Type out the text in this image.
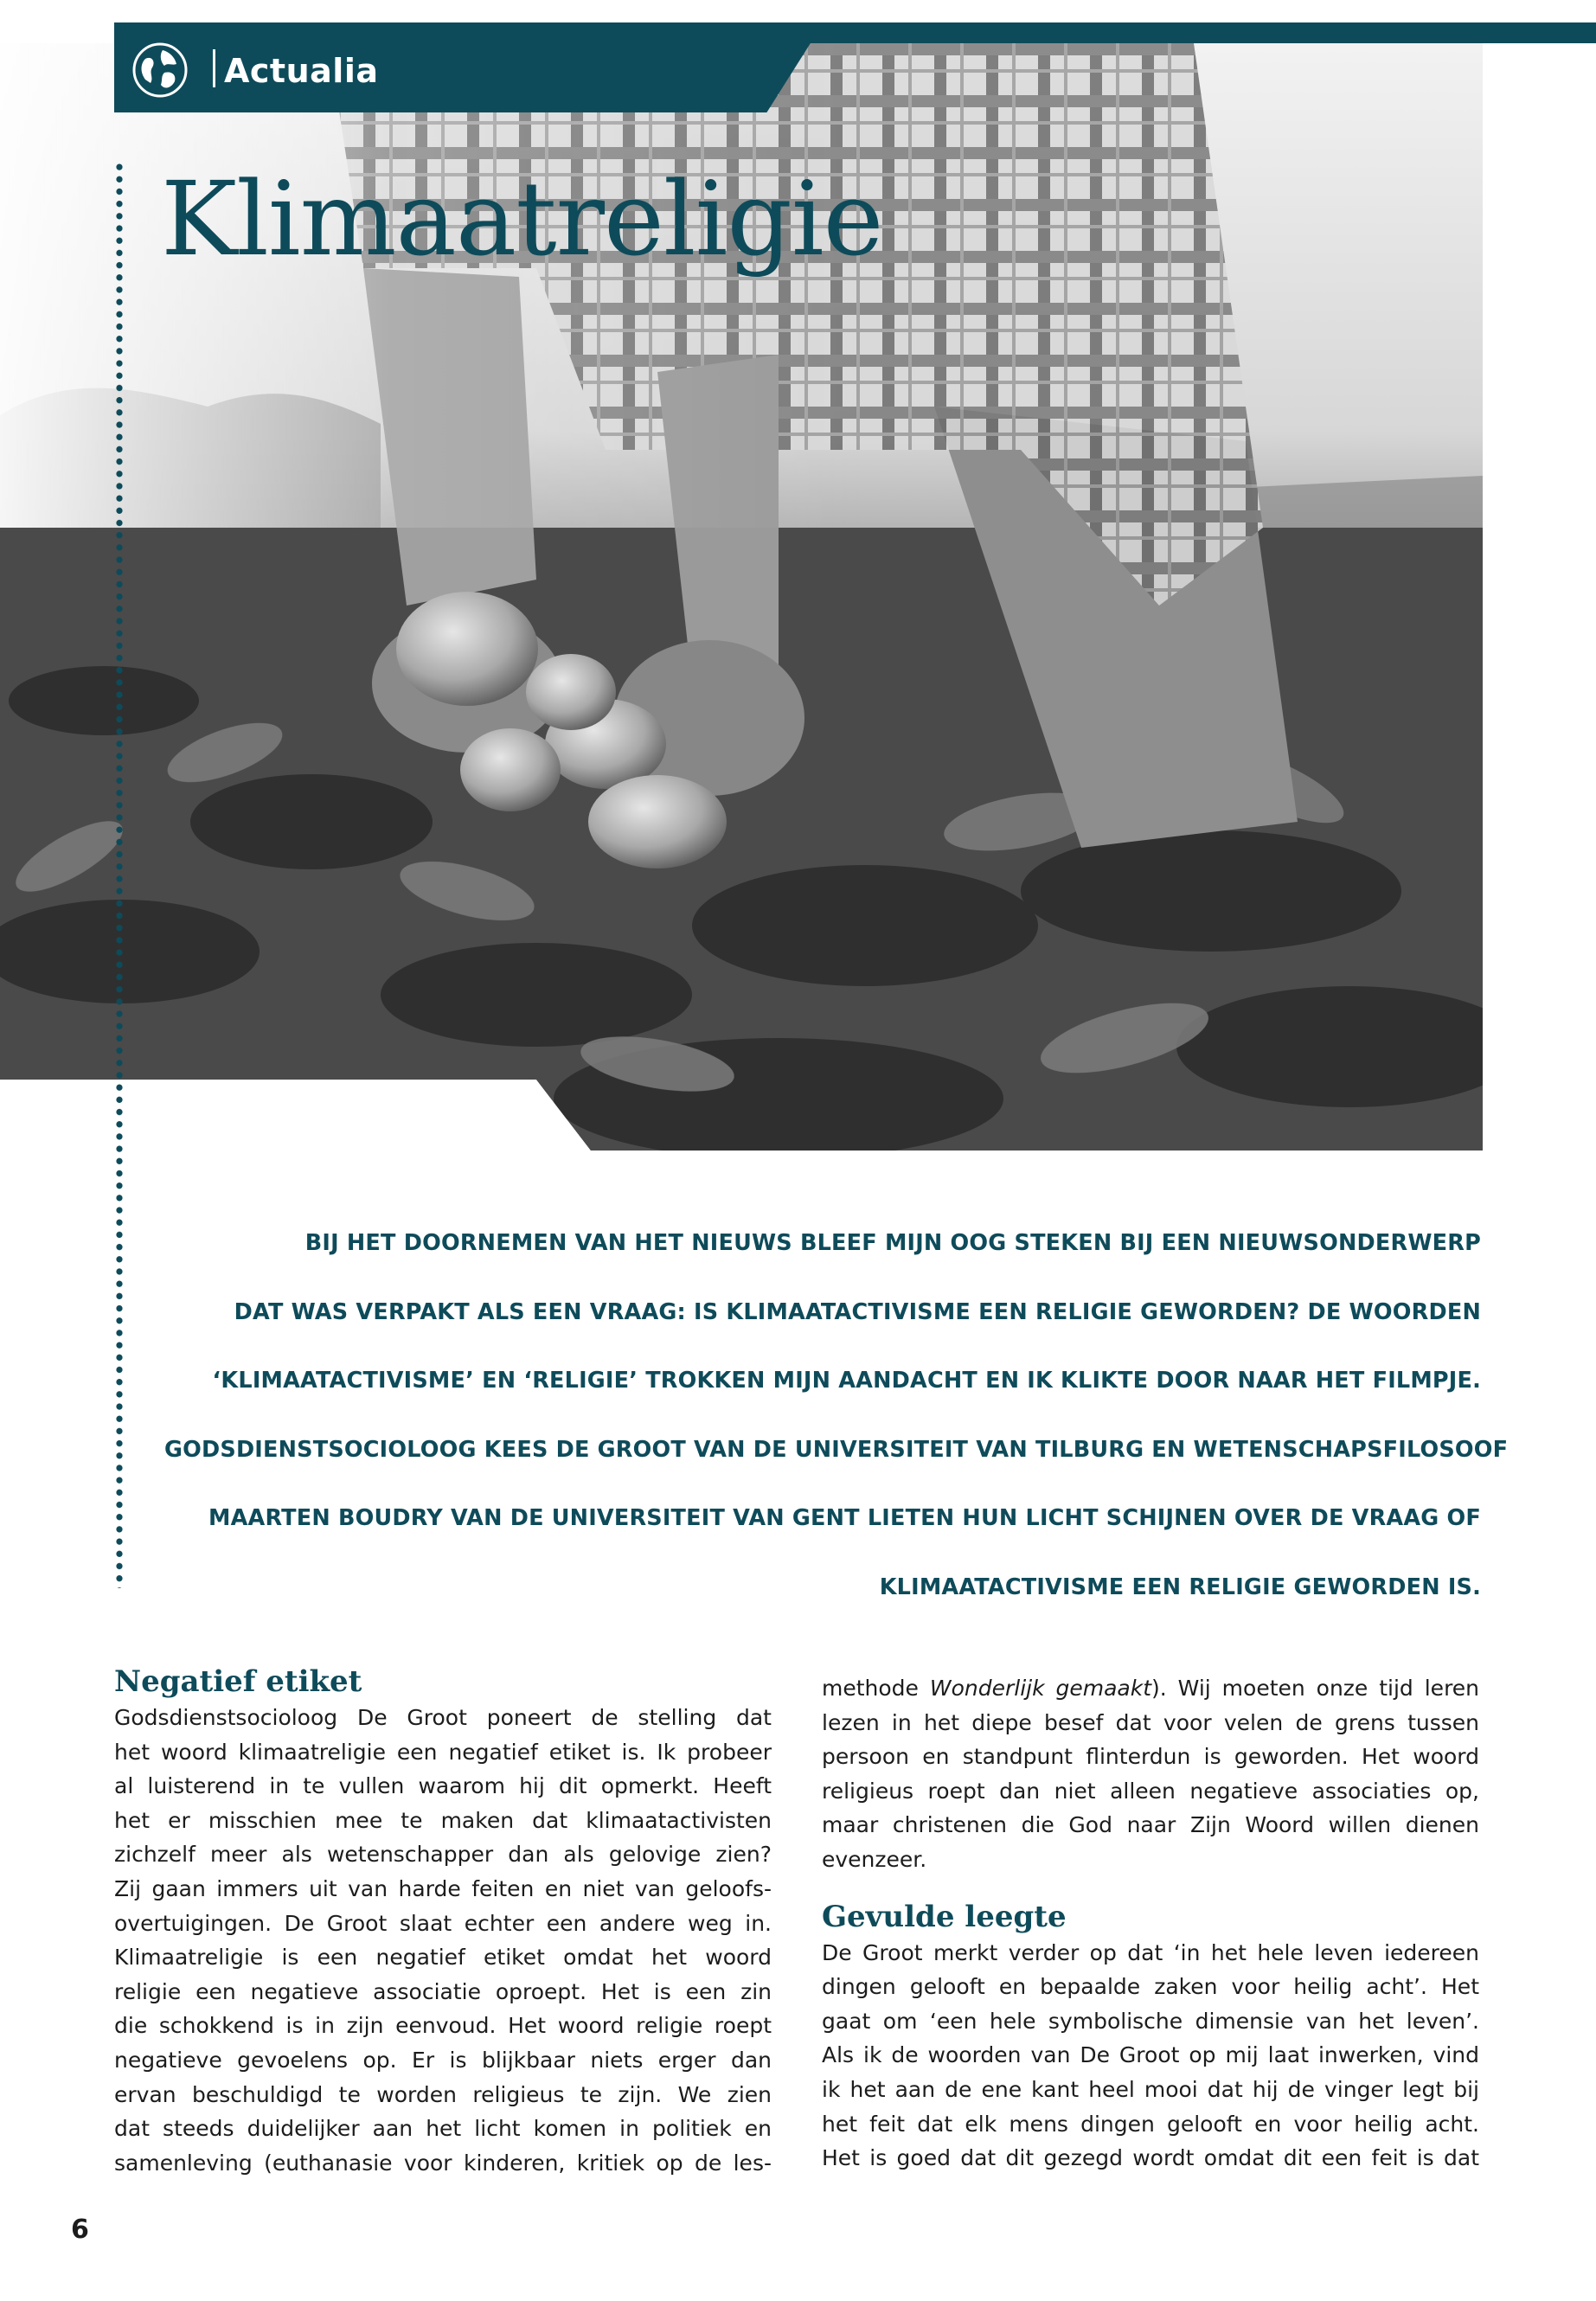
Actualia
Klimaatreligie
BIJ HET DOORNEMEN VAN HET NIEUWS BLEEF MIJN OOG STEKEN BIJ EEN NIEUWSONDERWERP
DAT WAS VERPAKT ALS EEN VRAAG: IS KLIMAATACTIVISME EEN RELIGIE GEWORDEN? DE WOORDEN
‘KLIMAATACTIVISME’ EN ‘RELIGIE’ TROKKEN MIJN AANDACHT EN IK KLIKTE DOOR NAAR HET FILMPJE.
GODSDIENSTSOCIOLOOG KEES DE GROOT VAN DE UNIVERSITEIT VAN TILBURG EN WETENSCHAPSFILOSOOF
MAARTEN BOUDRY VAN DE UNIVERSITEIT VAN GENT LIETEN HUN LICHT SCHIJNEN OVER DE VRAAG OF
KLIMAATACTIVISME EEN RELIGIE GEWORDEN IS.
Negatief etiket
Godsdienstsocioloog De Groot poneert de stelling dat
het woord klimaatreligie een negatief etiket is. Ik probeer
al luisterend in te vullen waarom hij dit opmerkt. Heeft
het er misschien mee te maken dat klimaatactivisten
zichzelf meer als wetenschapper dan als gelovige zien?
Zij gaan immers uit van harde feiten en niet van geloofs-
overtuigingen. De Groot slaat echter een andere weg in.
Klimaatreligie is een negatief etiket omdat het woord
religie een negatieve associatie oproept. Het is een zin
die schokkend is in zijn eenvoud. Het woord religie roept
negatieve gevoelens op. Er is blijkbaar niets erger dan
ervan beschuldigd te worden religieus te zijn. We zien
dat steeds duidelijker aan het licht komen in politiek en
samenleving (euthanasie voor kinderen, kritiek op de les-
methode Wonderlijk gemaakt). Wij moeten onze tijd leren
lezen in het diepe besef dat voor velen de grens tussen
persoon en standpunt flinterdun is geworden. Het woord
religieus roept dan niet alleen negatieve associaties op,
maar christenen die God naar Zijn Woord willen dienen
evenzeer.
Gevulde leegte
De Groot merkt verder op dat ‘in het hele leven iedereen
dingen gelooft en bepaalde zaken voor heilig acht’. Het
gaat om ‘een hele symbolische dimensie van het leven’.
Als ik de woorden van De Groot op mij laat inwerken, vind
ik het aan de ene kant heel mooi dat hij de vinger legt bij
het feit dat elk mens dingen gelooft en voor heilig acht.
Het is goed dat dit gezegd wordt omdat dit een feit is dat
6
